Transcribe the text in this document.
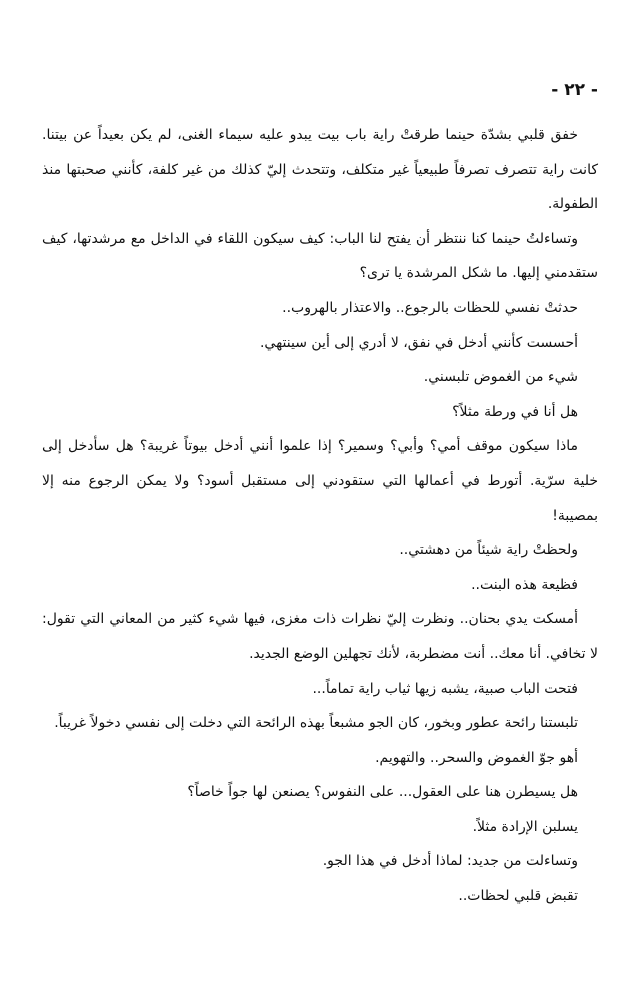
- ٢٢ -

خفق قلبي بشدّة حينما طرقتْ راية باب بيت يبدو عليه سيماء الغنى، لم يكن بعيداً عن بيتنا. كانت راية تتصرف تصرفاً طبيعياً غير متكلف، وتتحدث إليّ كذلك من غير كلفة، كأنني صحبتها منذ الطفولة.

وتساءلتُ حينما كنا ننتظر أن يفتح لنا الباب: كيف سيكون اللقاء في الداخل مع مرشدتها، كيف ستقدمني إليها. ما شكل المرشدة يا ترى؟

حدثتْ نفسي للحظات بالرجوع.. والاعتذار بالهروب..

أحسست كأنني أدخل في نفق، لا أدري إلى أين سينتهي.

شيء من الغموض تلبسني.

هل أنا في ورطة مثلاً؟

ماذا سيكون موقف أمي؟ وأبي؟ وسمير؟ إذا علموا أنني أدخل بيوتاً غريبة؟ هل سأدخل إلى خلية سرّية. أتورط في أعمالها التي ستقودني إلى مستقبل أسود؟ ولا يمكن الرجوع منه إلا بمصيبة!

ولحظتْ راية شيئاً من دهشتي..

فظيعة هذه البنت..

أمسكت يدي بحنان.. ونظرت إليّ نظرات ذات مغزى، فيها شيء كثير من المعاني التي تقول: لا تخافي. أنا معك.. أنت مضطربة، لأنك تجهلين الوضع الجديد.

فتحت الباب صبية، يشبه زيها ثياب راية تماماً...

تلبستنا رائحة عطور وبخور، كان الجو مشبعاً بهذه الرائحة التي دخلت إلى نفسي دخولاً غريباً.

أهو جوّ الغموض والسحر.. والتهويم.

هل يسيطرن هنا على العقول... على النفوس؟ يصنعن لها جواً خاصاً؟

يسلبن الإرادة مثلاً.

وتساءلت من جديد: لماذا أدخل في هذا الجو.

تقبض قلبي لحظات..
